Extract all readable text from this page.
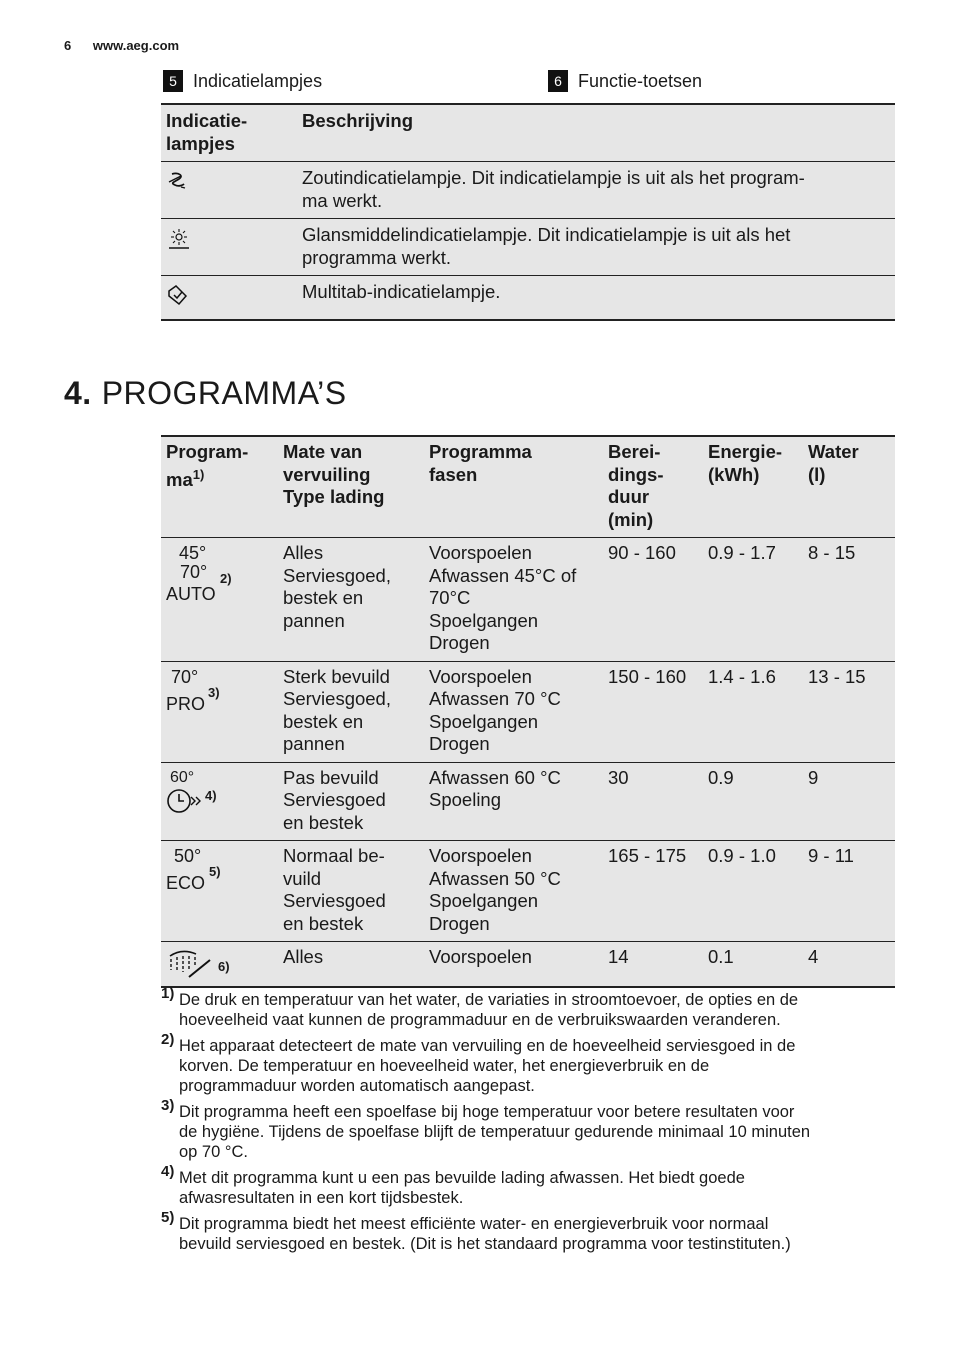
6 www.aeg.com
5 Indicatielampjes	6 Functie-toetsen
Indicatie-
lampjes	Beschrijving
	Zoutindicatielampje. Dit indicatielampje is uit als het program-
ma werkt.
	Glansmiddelindicatielampje. Dit indicatielampje is uit als het
programma werkt.
	Multitab-indicatielampje.
4. PROGRAMMA’S
Program-
$ma^{1)}$	Mate van
vervuiling
Type lading	Programma
fasen	Berei-
dings-
duur
(min)	Energie-
(kWh)	Water
(l)

45°
70°
AUTO
2)	Alles
Serviesgoed,
bestek en
pannen	Voorspoelen
Afwassen 45°C of
70°C
Spoelgangen
Drogen	90 - 160	0.9 - 1.7	8 - 15

70°
PRO
3)	Sterk bevuild
Serviesgoed,
bestek en
pannen	Voorspoelen
Afwassen 70 °C
Spoelgangen
Drogen	150 - 160	1.4 - 1.6	13 - 15

60°
4)	Pas bevuild
Serviesgoed
en bestek	Afwassen 60 °C
Spoeling	30	0.9	9

50°
ECO
5)	Normaal be-
vuild
Serviesgoed
en bestek	Voorspoelen
Afwassen 50 °C
Spoelgangen
Drogen	165 - 175	0.9 - 1.0	9 - 11

6)	Alles	Voorspoelen	14	0.1	4
1) De druk en temperatuur van het water, de variaties in stroomtoevoer, de opties en de
hoeveelheid vaat kunnen de programmaduur en de verbruikswaarden veranderen.
2) Het apparaat detecteert de mate van vervuiling en de hoeveelheid serviesgoed in de
korven. De temperatuur en hoeveelheid water, het energieverbruik en de
programmaduur worden automatisch aangepast.
3) Dit programma heeft een spoelfase bij hoge temperatuur voor betere resultaten voor
de hygiëne. Tijdens de spoelfase blijft de temperatuur gedurende minimaal 10 minuten
op 70 °C.
4) Met dit programma kunt u een pas bevuilde lading afwassen. Het biedt goede
afwasresultaten in een kort tijdsbestek.
5) Dit programma biedt het meest efficiënte water- en energieverbruik voor normaal
bevuild serviesgoed en bestek. (Dit is het standaard programma voor testinstituten.)
